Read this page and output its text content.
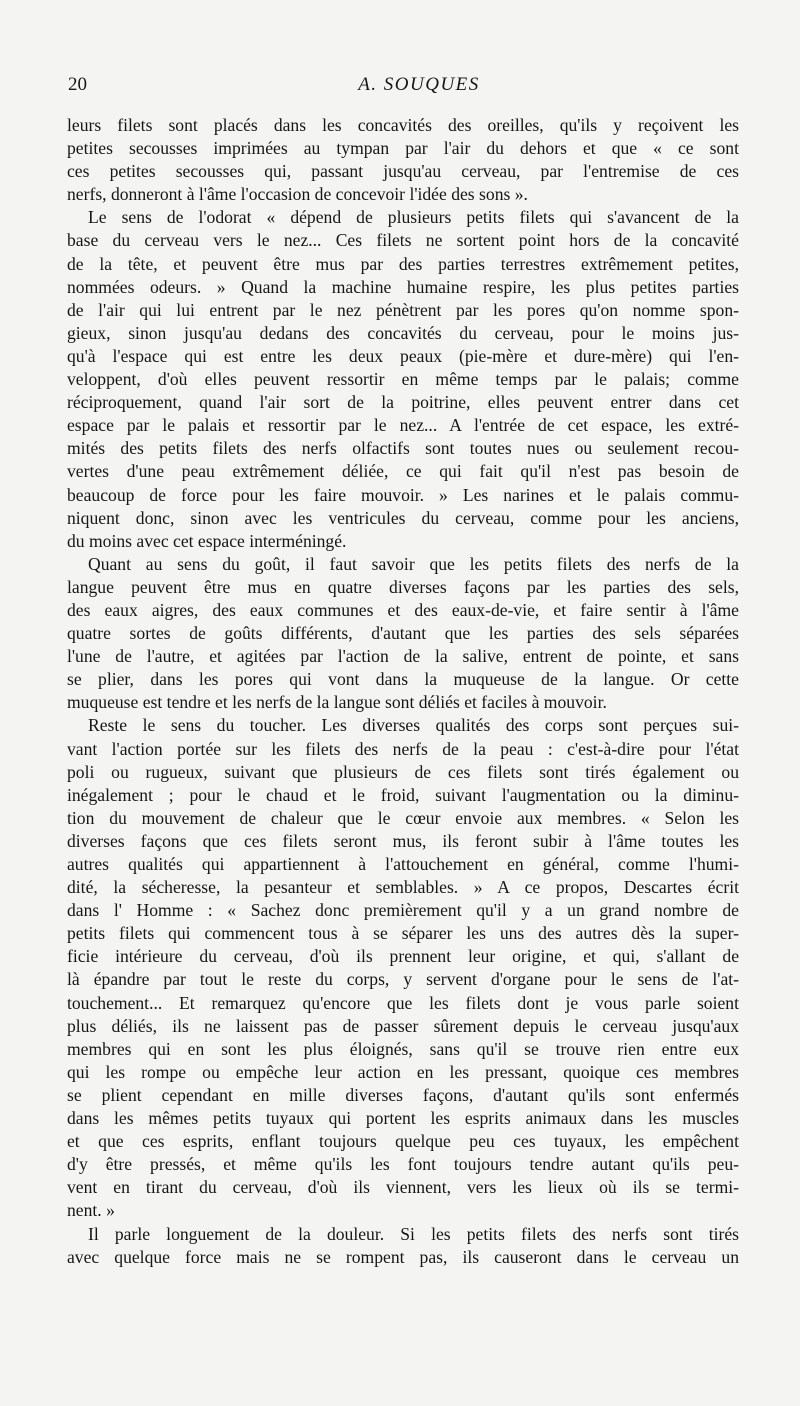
20	A. SOUQUES
leurs filets sont placés dans les concavités des oreilles, qu'ils y reçoivent les
petites secousses imprimées au tympan par l'air du dehors et que « ce sont
ces petites secousses qui, passant jusqu'au cerveau, par l'entremise de ces
nerfs, donneront à l'âme l'occasion de concevoir l'idée des sons ».
Le sens de l'odorat « dépend de plusieurs petits filets qui s'avancent de la
base du cerveau vers le nez... Ces filets ne sortent point hors de la concavité
de la tête, et peuvent être mus par des parties terrestres extrêmement petites,
nommées odeurs. » Quand la machine humaine respire, les plus petites parties
de l'air qui lui entrent par le nez pénètrent par les pores qu'on nomme spon-
gieux, sinon jusqu'au dedans des concavités du cerveau, pour le moins jus-
qu'à l'espace qui est entre les deux peaux (pie-mère et dure-mère) qui l'en-
veloppent, d'où elles peuvent ressortir en même temps par le palais; comme
réciproquement, quand l'air sort de la poitrine, elles peuvent entrer dans cet
espace par le palais et ressortir par le nez... A l'entrée de cet espace, les extré-
mités des petits filets des nerfs olfactifs sont toutes nues ou seulement recou-
vertes d'une peau extrêmement déliée, ce qui fait qu'il n'est pas besoin de
beaucoup de force pour les faire mouvoir. » Les narines et le palais commu-
niquent donc, sinon avec les ventricules du cerveau, comme pour les anciens,
du moins avec cet espace interméningé.
Quant au sens du goût, il faut savoir que les petits filets des nerfs de la
langue peuvent être mus en quatre diverses façons par les parties des sels,
des eaux aigres, des eaux communes et des eaux-de-vie, et faire sentir à l'âme
quatre sortes de goûts différents, d'autant que les parties des sels séparées
l'une de l'autre, et agitées par l'action de la salive, entrent de pointe, et sans
se plier, dans les pores qui vont dans la muqueuse de la langue. Or cette
muqueuse est tendre et les nerfs de la langue sont déliés et faciles à mouvoir.
Reste le sens du toucher. Les diverses qualités des corps sont perçues sui-
vant l'action portée sur les filets des nerfs de la peau : c'est-à-dire pour l'état
poli ou rugueux, suivant que plusieurs de ces filets sont tirés également ou
inégalement ; pour le chaud et le froid, suivant l'augmentation ou la diminu-
tion du mouvement de chaleur que le cœur envoie aux membres. « Selon les
diverses façons que ces filets seront mus, ils feront subir à l'âme toutes les
autres qualités qui appartiennent à l'attouchement en général, comme l'humi-
dité, la sécheresse, la pesanteur et semblables. » A ce propos, Descartes écrit
dans l' Homme : « Sachez donc premièrement qu'il y a un grand nombre de
petits filets qui commencent tous à se séparer les uns des autres dès la super-
ficie intérieure du cerveau, d'où ils prennent leur origine, et qui, s'allant de
là épandre par tout le reste du corps, y servent d'organe pour le sens de l'at-
touchement... Et remarquez qu'encore que les filets dont je vous parle soient
plus déliés, ils ne laissent pas de passer sûrement depuis le cerveau jusqu'aux
membres qui en sont les plus éloignés, sans qu'il se trouve rien entre eux
qui les rompe ou empêche leur action en les pressant, quoique ces membres
se plient cependant en mille diverses façons, d'autant qu'ils sont enfermés
dans les mêmes petits tuyaux qui portent les esprits animaux dans les muscles
et que ces esprits, enflant toujours quelque peu ces tuyaux, les empêchent
d'y être pressés, et même qu'ils les font toujours tendre autant qu'ils peu-
vent en tirant du cerveau, d'où ils viennent, vers les lieux où ils se termi-
nent. »
Il parle longuement de la douleur. Si les petits filets des nerfs sont tirés
avec quelque force mais ne se rompent pas, ils causeront dans le cerveau un
